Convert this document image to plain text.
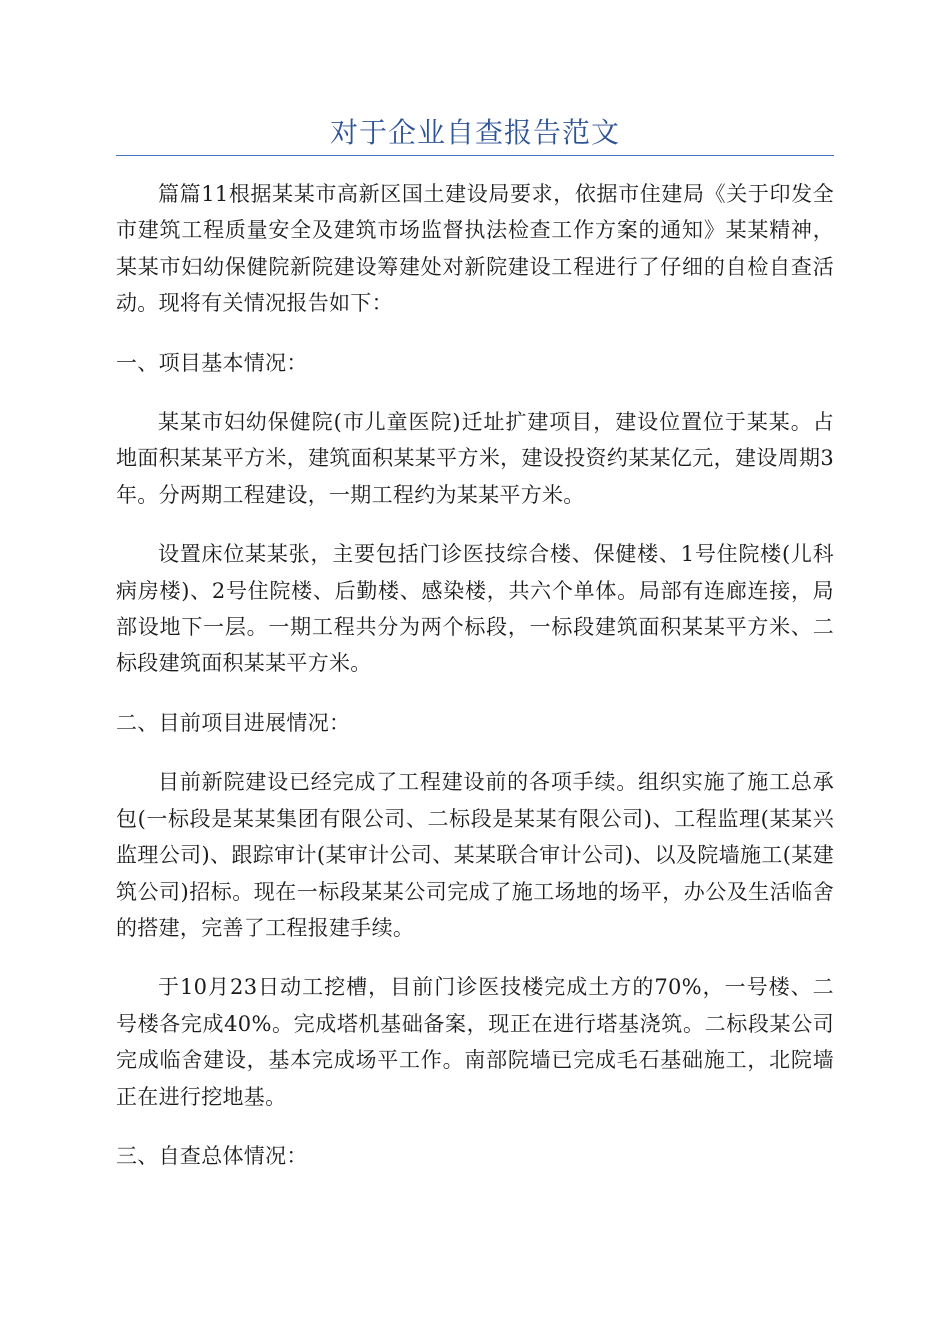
对于企业自查报告范文

篇篇11根据某某市高新区国土建设局要求，依据市住建局《关于印发全市建筑工程质量安全及建筑市场监督执法检查工作方案的通知》某某精神，某某市妇幼保健院新院建设筹建处对新院建设工程进行了仔细的自检自查活动。现将有关情况报告如下：

一、项目基本情况：

某某市妇幼保健院(市儿童医院)迁址扩建项目，建设位置位于某某。占地面积某某平方米，建筑面积某某平方米，建设投资约某某亿元，建设周期3年。分两期工程建设，一期工程约为某某平方米。

设置床位某某张，主要包括门诊医技综合楼、保健楼、1号住院楼(儿科病房楼)、2号住院楼、后勤楼、感染楼，共六个单体。局部有连廊连接，局部设地下一层。一期工程共分为两个标段，一标段建筑面积某某平方米、二标段建筑面积某某平方米。

二、目前项目进展情况：

目前新院建设已经完成了工程建设前的各项手续。组织实施了施工总承包(一标段是某某集团有限公司、二标段是某某有限公司)、工程监理(某某兴监理公司)、跟踪审计(某审计公司、某某联合审计公司)、以及院墙施工(某建筑公司)招标。现在一标段某某公司完成了施工场地的场平，办公及生活临舍的搭建，完善了工程报建手续。

于10月23日动工挖槽，目前门诊医技楼完成土方的70%，一号楼、二号楼各完成40%。完成塔机基础备案，现正在进行塔基浇筑。二标段某公司完成临舍建设，基本完成场平工作。南部院墙已完成毛石基础施工，北院墙正在进行挖地基。

三、自查总体情况：
